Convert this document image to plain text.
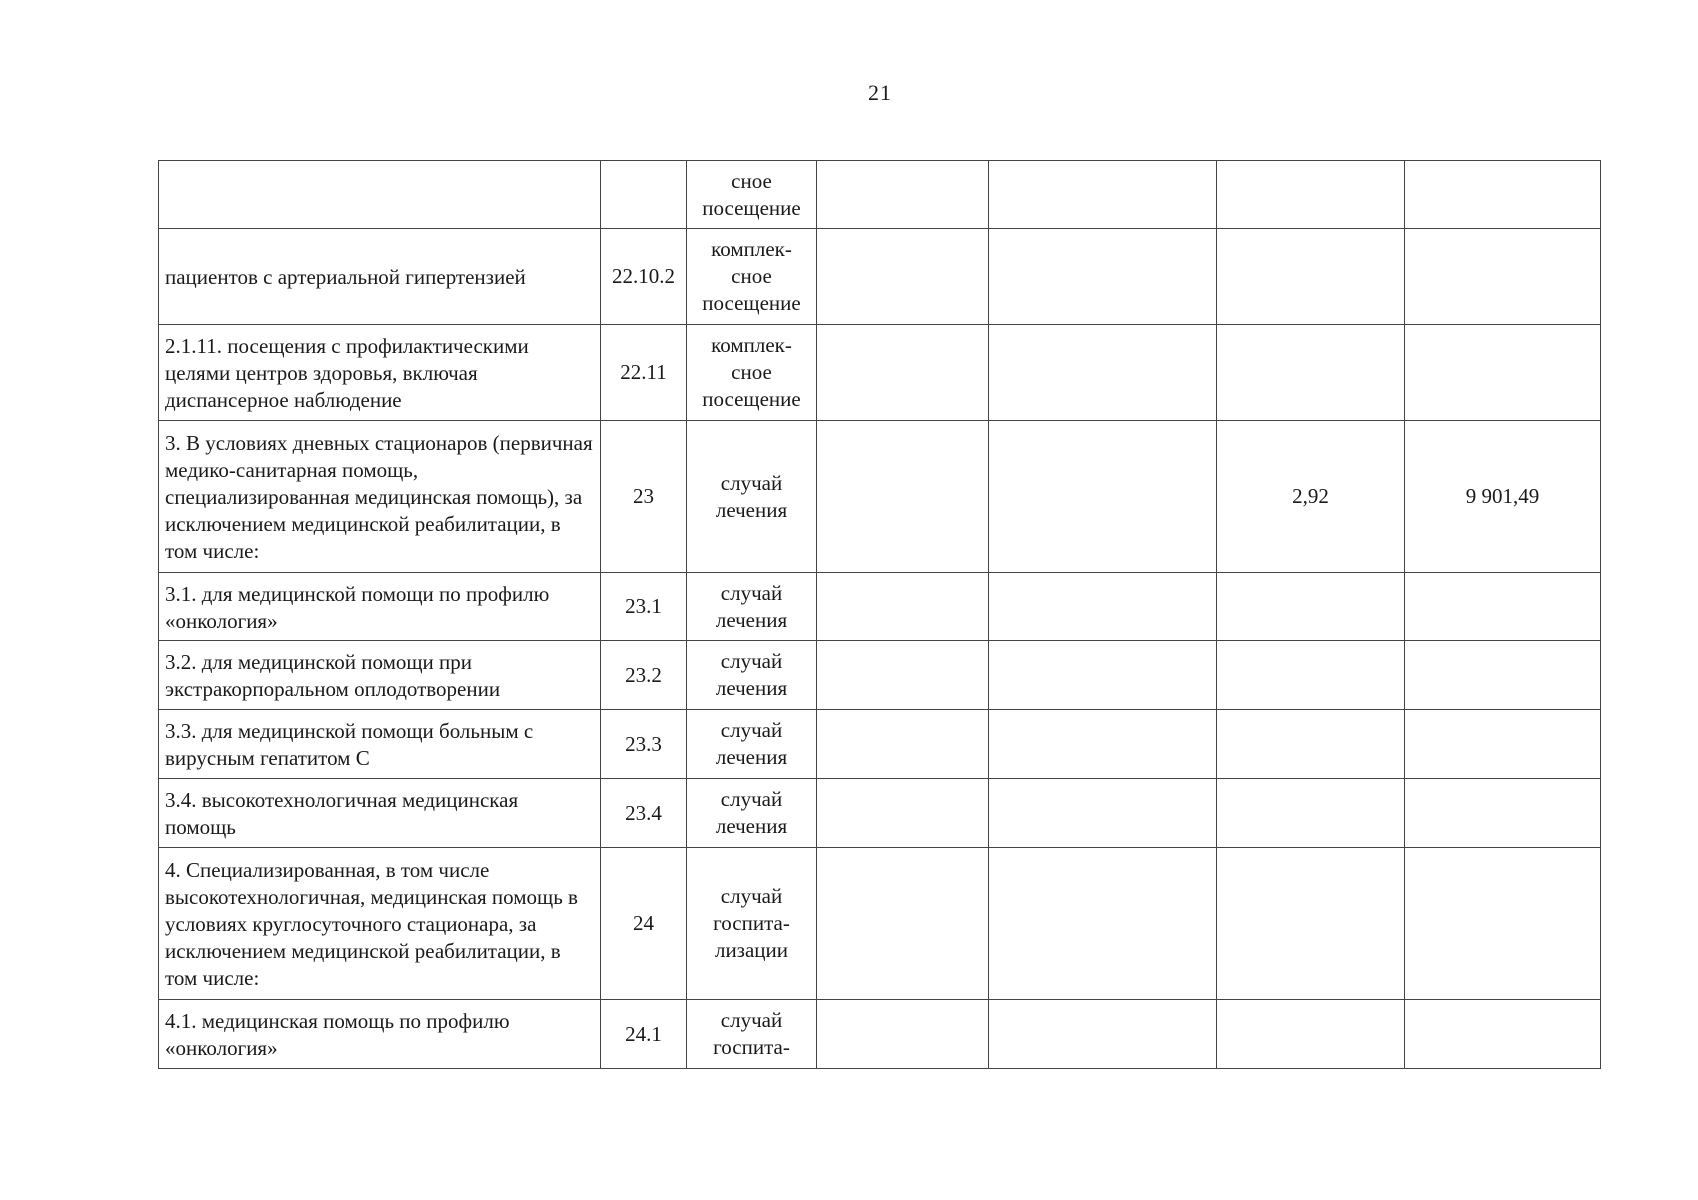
21

		сное
посещение				

пациентов с артериальной гипертензией	22.10.2	комплек-
сное
посещение				

2.1.11. посещения с профилактическими целями центров здоровья, включая диспансерное наблюдение	22.11	комплек-
сное
посещение				

3. В условиях дневных стационаров (первичная медико-санитарная помощь, специализированная медицинская помощь), за исключением медицинской реабилитации, в том числе:	23	случай
лечения			2,92	9 901,49
3.1. для медицинской помощи по профилю «онкология»	23.1	случай
лечения				

3.2. для медицинской помощи при экстракорпоральном оплодотворении	23.2	случай
лечения				

3.3. для медицинской помощи больным с вирусным гепатитом С	23.3	случай
лечения				

3.4. высокотехнологичная медицинская помощь	23.4	случай
лечения				

4. Специализированная, в том числе высокотехнологичная, медицинская помощь в условиях круглосуточного стационара, за исключением медицинской реабилитации, в том числе:	24	случай
госпита-
лизации				

4.1. медицинская помощь по профилю «онкология»	24.1	случай
госпита-				
